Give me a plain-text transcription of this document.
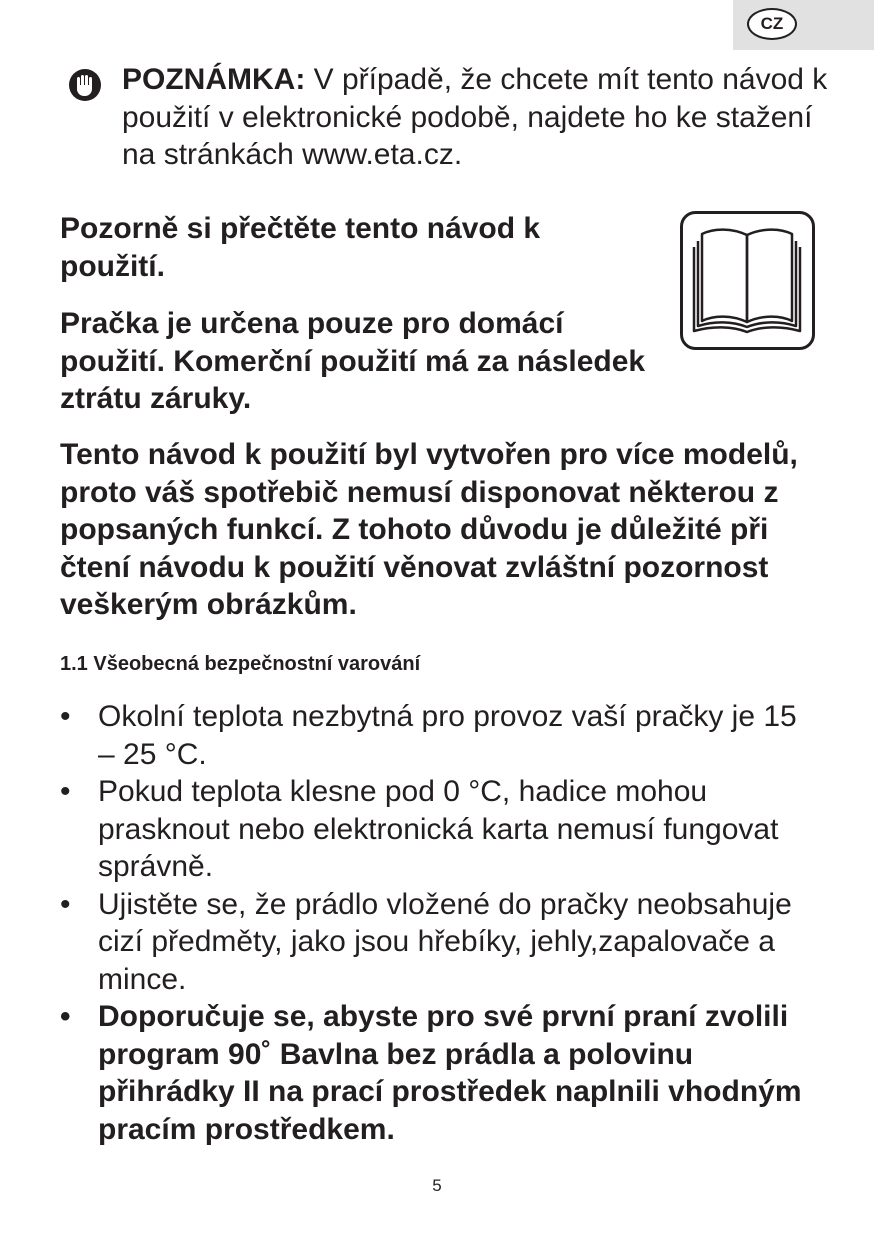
CZ
POZNÁMKA: V případě, že chcete mít tento návod k použití v elektronické podobě, najdete ho ke stažení na stránkách www.eta.cz.
Pozorně si přečtěte tento návod k použití.
Pračka je určena pouze pro domácí použití. Komerční použití má za následek ztrátu záruky.
Tento návod k použití byl vytvořen pro více modelů, proto váš spotřebič nemusí disponovat některou z popsaných funkcí. Z tohoto důvodu je důležité při čtení návodu k použití věnovat zvláštní pozornost veškerým obrázkům.
1.1 Všeobecná bezpečnostní varování
• Okolní teplota nezbytná pro provoz vaší pračky je 15 – 25 °C.
• Pokud teplota klesne pod 0 °C, hadice mohou prasknout nebo elektronická karta nemusí fungovat správně.
• Ujistěte se, že prádlo vložené do pračky neobsahuje cizí předměty, jako jsou hřebíky, jehly,zapalovače a mince.
• Doporučuje se, abyste pro své první praní zvolili program 90˚ Bavlna bez prádla a polovinu přihrádky II na prací prostředek naplnili vhodným pracím prostředkem.
5
